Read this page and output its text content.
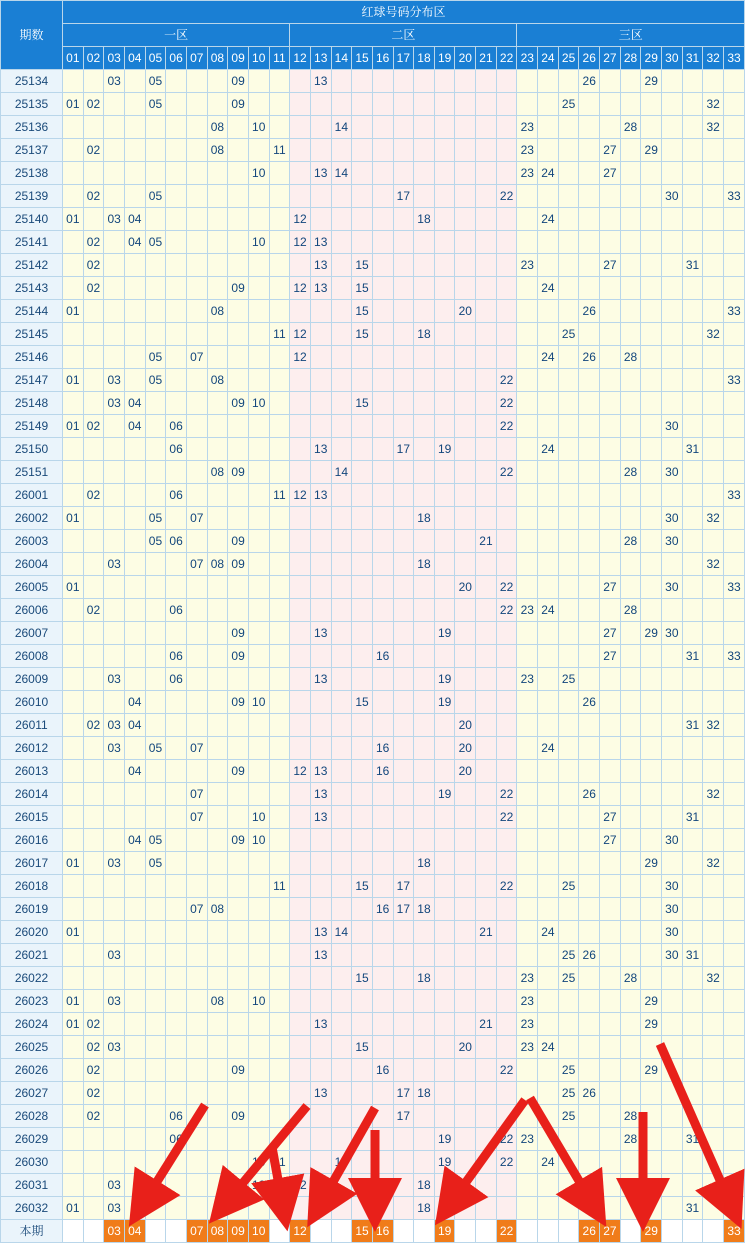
期数	红球号码分布区																																
	一区											二区											三区										
	01	02	03	04	05	06	07	08	09	10	11	12	13	14	15	16	17	18	19	20	21	22	23	24	25	26	27	28	29	30	31	32	33
25134			03		05				09				13													26			29				
25135	01	02			05				09																25							32	
25136								08		10				14									23					28				32	
25137		02						08			11												23				27		29				
25138										10			13	14									23	24			27						
25139		02			05												17					22								30			33
25140	01		03	04								12						18						24									
25141		02		04	05					10		12	13																				
25142		02											13		15								23				27				31		
25143		02							09			12	13		15									24									
25144	01							08							15					20						26							33
25145											11	12			15			18							25							32	
25146					05		07					12												24		26		28					
25147	01		03		05			08														22											33
25148			03	04					09	10					15							22											
25149	01	02		04		06																22								30			
25150						06							13				17		19					24							31		
25151								08	09					14								22						28		30			
26001		02				06					11	12	13																				33
26002	01				05		07											18												30		32	
26003					05	06			09												21							28		30			
26004			03				07	08	09									18														32	
26005	01																			20		22					27			30			33
26006		02				06																22	23	24				28					
26007									09				13						19								27		29	30			
26008						06			09							16											27				31		33
26009			03			06							13						19				23		25								
26010				04					09	10					15				19							26							
26011		02	03	04																20											31	32	
26012			03		05		07									16				20				24									
26013				04					09			12	13			16				20													
26014							07						13						19			22				26						32	
26015							07			10			13									22					27				31		
26016				04	05				09	10																	27			30			
26017	01		03		05													18											29			32	
26018											11				15		17					22			25					30			
26019							07	08								16	17	18												30			
26020	01												13	14							21			24						30			
26021			03										13												25	26				30	31		
26022															15			18					23		25			28				32	
26023	01		03					08		10													23						29				
26024	01	02											13								21		23						29				
26025		02	03												15					20			23	24									
26026		02							09							16						22			25				29				
26027		02											13				17	18							25	26							
26028		02				06			09								17								25			28					
26029						06													19			22	23					28			31		
26030										10	11			14					19			22		24									
26031			03							10		12	13					18															33
26032	01		03								11							18													31		33
本期			03	04			07	08	09	10		12			15	16			19			22				26	27		29				33
